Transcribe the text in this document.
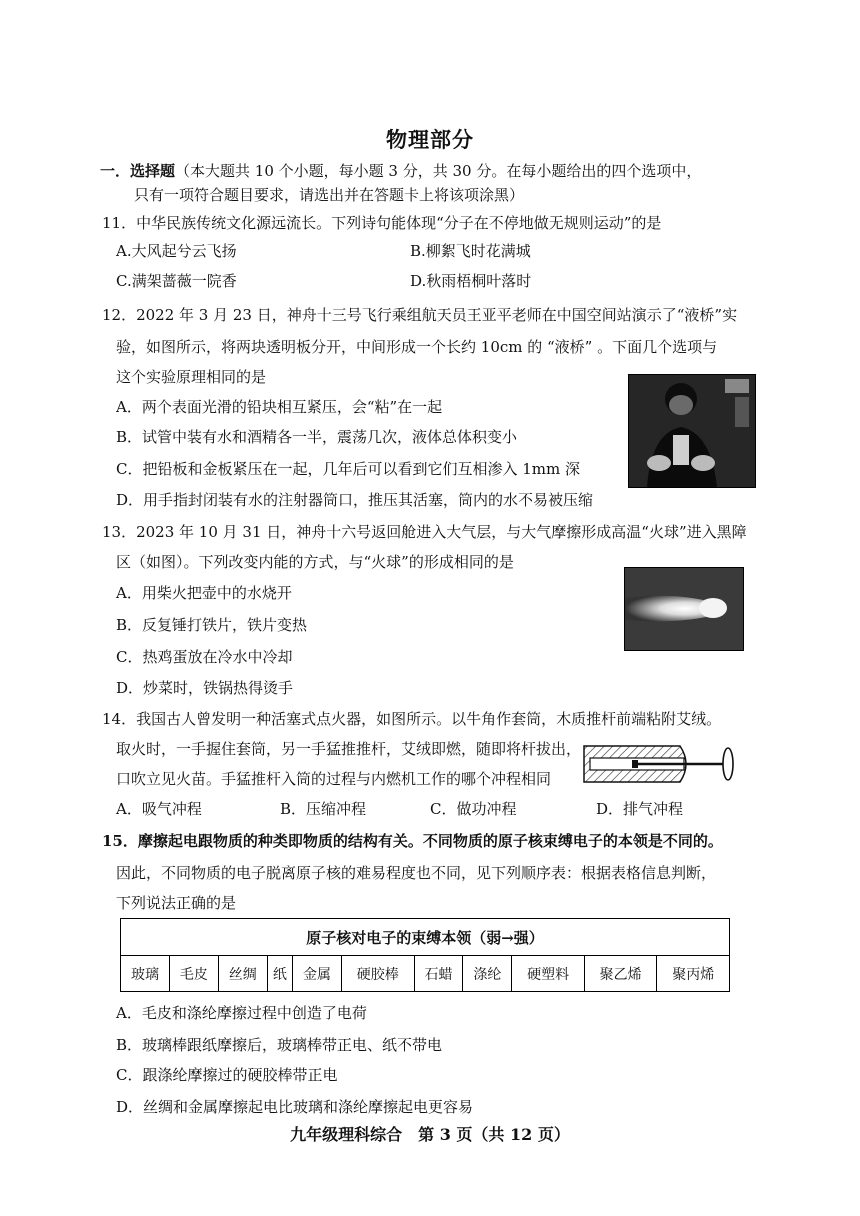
物理部分
一．选择题（本大题共 10 个小题，每小题 3 分，共 30 分。在每小题给出的四个选项中，
只有一项符合题目要求，请选出并在答题卡上将该项涂黑）
11．中华民族传统文化源远流长。下列诗句能体现“分子在不停地做无规则运动”的是
A.大风起兮云飞扬	B.柳絮飞时花满城
C.满架蔷薇一院香	D.秋雨梧桐叶落时
12．2022 年 3 月 23 日，神舟十三号飞行乘组航天员王亚平老师在中国空间站演示了“液桥”实
验，如图所示，将两块透明板分开，中间形成一个长约 10cm 的 “液桥” 。下面几个选项与
这个实验原理相同的是
A．两个表面光滑的铅块相互紧压，会“粘”在一起
B．试管中装有水和酒精各一半，震荡几次，液体总体积变小
C．把铅板和金板紧压在一起，几年后可以看到它们互相渗入 1mm 深
D．用手指封闭装有水的注射器筒口，推压其活塞，筒内的水不易被压缩
13．2023 年 10 月 31 日，神舟十六号返回舱进入大气层，与大气摩擦形成高温“火球”进入黑障
区（如图）。下列改变内能的方式，与“火球”的形成相同的是
A．用柴火把壶中的水烧开
B．反复锤打铁片，铁片变热
C．热鸡蛋放在冷水中冷却
D．炒菜时，铁锅热得烫手
14．我国古人曾发明一种活塞式点火器，如图所示。以牛角作套筒，木质推杆前端粘附艾绒。
取火时，一手握住套筒，另一手猛推推杆，艾绒即燃，随即将杆拔出，
口吹立见火苗。手猛推杆入筒的过程与内燃机工作的哪个冲程相同
A．吸气冲程	B．压缩冲程	C．做功冲程	D．排气冲程
15．摩擦起电跟物质的种类即物质的结构有关。不同物质的原子核束缚电子的本领是不同的。
因此，不同物质的电子脱离原子核的难易程度也不同，见下列顺序表：根据表格信息判断，
下列说法正确的是
原子核对电子的束缚本领（弱→强）
玻璃	毛皮	丝绸	纸	金属	硬胶棒	石蜡	涤纶	硬塑料	聚乙烯	聚丙烯
A．毛皮和涤纶摩擦过程中创造了电荷
B．玻璃棒跟纸摩擦后，玻璃棒带正电、纸不带电
C．跟涤纶摩擦过的硬胶棒带正电
D．丝绸和金属摩擦起电比玻璃和涤纶摩擦起电更容易
九年级理科综合　第 3 页（共 12 页）
